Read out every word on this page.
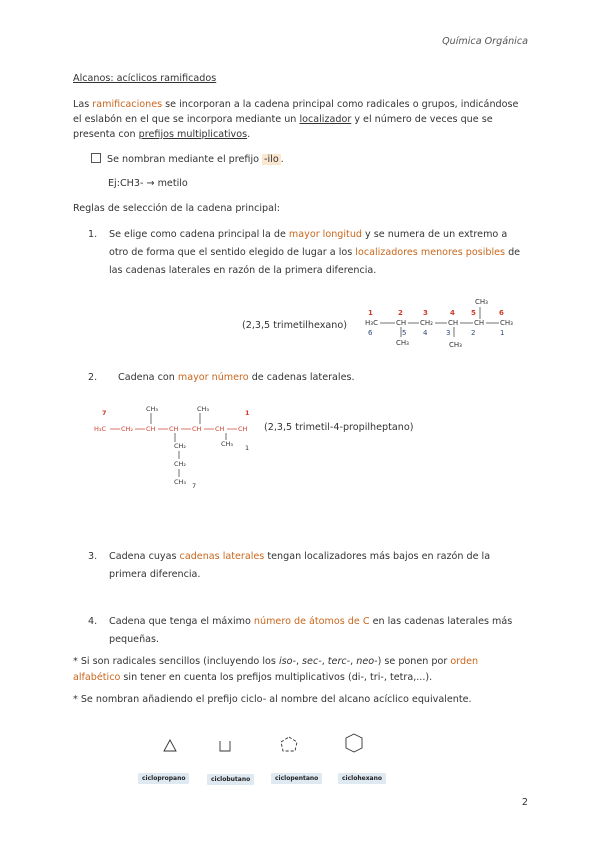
Química Orgánica
Alcanos: acíclicos ramificados
Las ramificaciones se incorporan a la cadena principal como radicales o grupos, indicándose el eslabón en el que se incorpora mediante un localizador y el número de veces que se presenta con prefijos multiplicativos.
Se nombran mediante el prefijo -ilo .
Ej:CH3- → metilo
Reglas de selección de la cadena principal:
1. Se elige como cadena principal la de mayor longitud y se numera de un extremo a otro de forma que el sentido elegido de lugar a los localizadores menores posibles de las cadenas laterales en razón de la primera diferencia.
(2,3,5 trimetilhexano)
1	2	3	4 5	6
CH₃
H₃C	CH CH₂ CH CH CH₃
6	5 4	3	2	1
CH₃	CH₃
2. Cadena con mayor número de cadenas laterales.
7	1
H₃C CH₂ CH CH CH CH CH
CH₃	CH₃
CH₂
CH₂
CH₃ 7
CH₃ 1
(2,3,5 trimetil-4-propilheptano)
3. Cadena cuyas cadenas laterales tengan localizadores más bajos en razón de la primera diferencia.
4. Cadena que tenga el máximo número de átomos de C en las cadenas laterales más pequeñas.
* Si son radicales sencillos (incluyendo los iso-, sec-, terc-, neo-) se ponen por orden alfabético sin tener en cuenta los prefijos multiplicativos (di-, tri-, tetra,...).
* Se nombran añadiendo el prefijo ciclo- al nombre del alcano acíclico equivalente.
ciclopropano	ciclobutano	ciclopentano	ciclohexano
2
